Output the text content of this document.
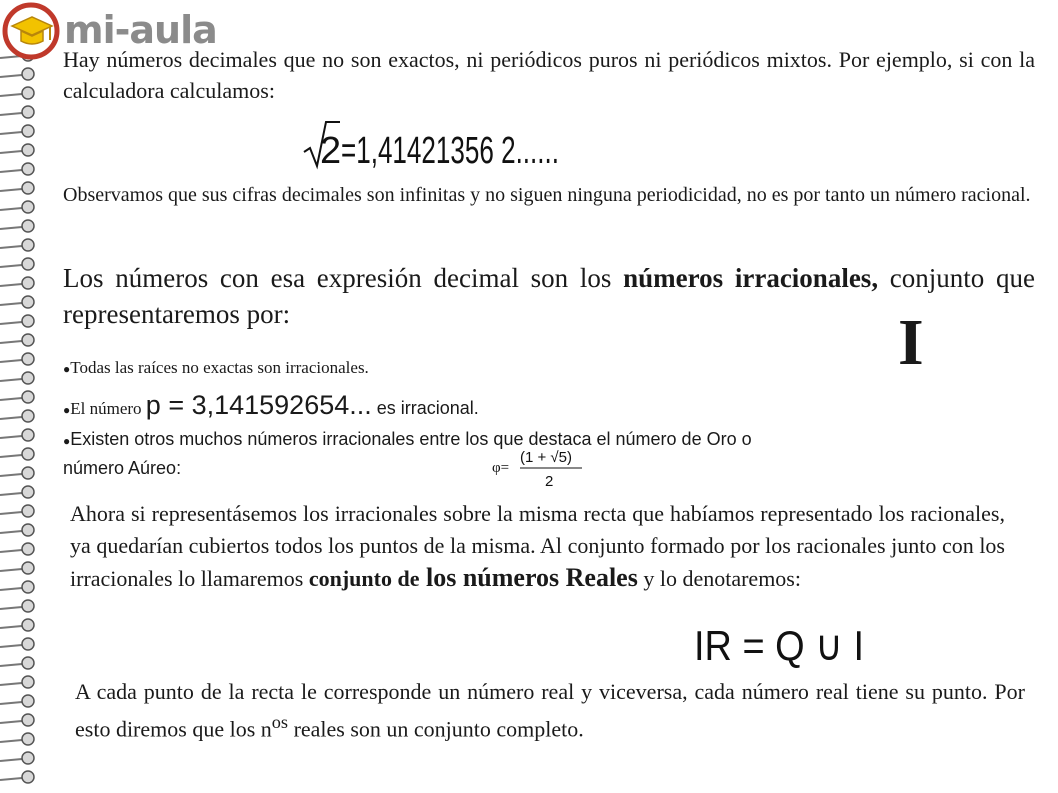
mi-aula
Hay números decimales que no son exactos, ni periódicos puros ni periódicos mixtos. Por ejemplo, si con la calculadora calculamos:
2 =1,41421356 2......
Observamos que sus cifras decimales son infinitas y no siguen ninguna periodicidad, no es por tanto un número racional.
Los números con esa expresión decimal son los números irracionales, conjunto que representaremos por:	I
●Todas las raíces no exactas son irracionales.
●El número p = 3,141592654... es irracional.
●Existen otros muchos números irracionales entre los que destaca el número de Oro o número Aúreo:	φ=
(1 + √5)
2
Ahora si representásemos los irracionales sobre la misma recta que habíamos representado los racionales, ya quedarían cubiertos todos los puntos de la misma. Al conjunto formado por los racionales junto con los irracionales lo llamaremos conjunto de los números Reales y lo denotaremos:
IR = Q ∪ I
A cada punto de la recta le corresponde un número real y viceversa, cada número real tiene su punto. Por esto diremos que los $n^{os}$ reales son un conjunto completo.
